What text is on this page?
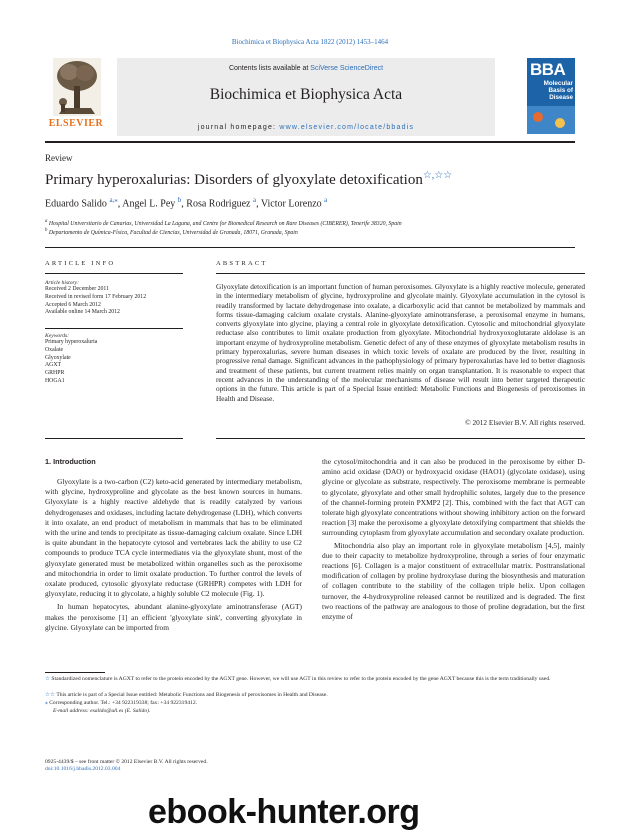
Biochimica et Biophysica Acta 1822 (2012) 1453–1464
ELSEVIER
Contents lists available at SciVerse ScienceDirect
Biochimica et Biophysica Acta
journal homepage: www.elsevier.com/locate/bbadis
BBA
Molecular
Basis of
Disease
Review
Primary hyperoxalurias: Disorders of glyoxylate detoxification☆,☆☆
Eduardo Salido $^{a,⁎}$, Angel L. Pey $^b$, Rosa Rodriguez $^a$, Victor Lorenzo $^a$
$^a$ Hospital Universitario de Canarias, Universidad La Laguna, and Centre for Biomedical Research on Rare Diseases (CIBERER), Tenerife 38320, Spain
$^b$ Departamento de Química-Física, Facultad de Ciencias, Universidad de Granada, 18071, Granada, Spain
ARTICLE INFO

Article history:

Received 2 December 2011

Received in revised form 17 February 2012

Accepted 6 March 2012

Available online 14 March 2012

Keywords:

Primary hyperoxaluria

Oxalate

Glyoxylate

AGXT

GRHPR

HOGA1

ABSTRACT

Glyoxylate detoxification is an important function of human peroxisomes. Glyoxylate is a highly reactive molecule, generated in the intermediary metabolism of glycine, hydroxyproline and glycolate mainly. Glyoxylate accumulation in the cytosol is readily transformed by lactate dehydrogenase into oxalate, a dicarboxylic acid that cannot be metabolized by mammals and forms tissue-damaging calcium oxalate crystals. Alanine-glyoxylate aminotransferase, a peroxisomal enzyme in humans, converts glyoxylate into glycine, playing a central role in glyoxylate detoxification. Cytosolic and mitochondrial glyoxylate reductase also contributes to limit oxalate production from glyoxylate. Mitochondrial hydroxyoxoglutarate aldolase is an important enzyme of hydroxyproline metabolism. Genetic defect of any of these enzymes of glyoxylate metabolism results in primary hyperoxalurias, severe human diseases in which toxic levels of oxalate are produced by the liver, resulting in progressive renal damage. Significant advances in the pathophysiology of primary hyperoxalurias have led to better diagnosis and treatment of these patients, but current treatment relies mainly on organ transplantation. It is reasonable to expect that recent advances in the understanding of the molecular mechanisms of disease will result into better targeted therapeutic options in the future. This article is part of a Special Issue entitled: Metabolic Functions and Biogenesis of peroxisomes in Health and Disease.

© 2012 Elsevier B.V. All rights reserved.
1. Introduction

Glyoxylate is a two-carbon (C2) keto-acid generated by intermediary metabolism, with glycine, hydroxyproline and glycolate as the best known sources in humans. Glyoxylate is a highly reactive aldehyde that is readily catalyzed by various dehydrogenases and oxidases, including lactate dehydrogenase (LDH), which converts it into oxalate, an end product of metabolism in mammals that has to be eliminated with the urine and tends to precipitate as tissue-damaging calcium oxalate. Since LDH is quite abundant in the hepatocyte cytosol and vertebrates lack the ability to use C2 compounds to produce TCA cycle intermediates via the glyoxylate shunt, most of the glyoxylate generated must be metabolized within organelles such as the peroxisome and mitochondria in order to limit oxalate production. To further control the levels of oxalate produced, cytosolic glyoxylate reductase (GRHPR) competes with LDH for glyoxylate, reducing it to glycolate, a highly soluble C2 molecule (Fig. 1).

In human hepatocytes, abundant alanine-glyoxylate aminotransferase (AGT) makes the peroxisome [1] an efficient 'glyoxylate sink', converting glyoxylate in glycine. Glyoxylate can be imported from

the cytosol/mitochondria and it can also be produced in the peroxisome by either D-amino acid oxidase (DAO) or hydroxyacid oxidase (HAO1) (glycolate oxidase), using glycine or glycolate as substrate, respectively. The peroxisome membrane is permeable to glycolate, glyoxylate and other small hydrophilic solutes, largely due to the presence of the channel-forming protein PXMP2 [2]. This, combined with the fact that AGT can tolerate high glyoxylate concentrations without showing inhibitory action on the forward reaction [3] make the peroxisome a glyoxylate detoxifying compartment that shields the surrounding cytoplasm from glyoxylate accumulation and secondary oxalate production.

Mitochondria also play an important role in glyoxylate metabolism [4,5], mainly due to their capacity to metabolize hydroxyproline, through a series of four enzymatic reactions [6]. Collagen is a major constituent of extracellular matrix. Posttranslational modification of collagen by proline hydroxylase during the biosynthesis and maturation of collagen contribute to the stability of the collagen triple helix. Upon collagen turnover, the 4-hydroxyproline released cannot be reutilized and is degraded. The first two reactions of the pathway are analogous to those of proline degradation, but the first enzyme of

☆ Standardized nomenclature is AGXT to refer to the protein encoded by the AGXT gene. However, we will use AGT in this review to refer to the protein encoded by the gene AGXT because this is the term traditionally used.
☆☆ This article is part of a Special Issue entitled: Metabolic Functions and Biogenesis of peroxisomes in Health and Disease.
⁎ Corresponding author. Tel.: +34 922319338; fax: +34 922319412.
E-mail address: esalido@ull.es (E. Salido).
0925-4439/$ – see front matter © 2012 Elsevier B.V. All rights reserved.
doi:10.1016/j.bbadis.2012.03.004
ebook-hunter.org
